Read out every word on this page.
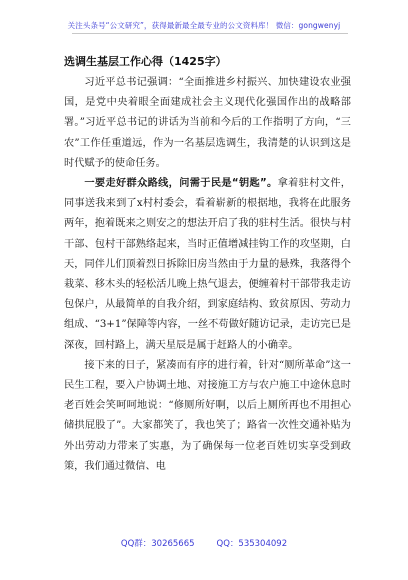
关注头条号“公文研究”，获得最新最全最专业的公文资料库！ 微信：gongwenyj
选调生基层工作心得（1425字）

习近平总书记强调：“全面推进乡村振兴、加快建设农业强国，是党中央着眼全面建成社会主义现代化强国作出的战略部署。”习近平总书记的讲话为当前和今后的工作指明了方向，“三农”工作任重道远，作为一名基层选调生，我清楚的认识到这是时代赋予的使命任务。

一要走好群众路线，问需于民是“钥匙”。拿着驻村文件，同事送我来到了x村村委会，看着崭新的根据地，我将在此服务两年，抱着既来之则安之的想法开启了我的驻村生活。很快与村干部、包村干部熟络起来，当时正值增减挂钩工作的攻坚期，白天，同伴儿们顶着烈日拆除旧房当然由于力量的悬殊，我落得个栽菜、移木头的轻松活儿晚上热气退去，便缠着村干部带我走访包保户，从最简单的自我介绍，到家庭结构、致贫原因、劳动力组成、“3+1”保障等内容，一丝不苟做好随访记录，走访完已是深夜，回村路上，满天星辰是属于赶路人的小确幸。

接下来的日子，紧凑而有序的进行着，针对“厕所革命”这一民生工程，要入户协调土地、对接施工方与农户施工中途休息时老百姓会笑呵呵地说：“修厕所好啊，以后上厕所再也不用担心储拱屁股了”。大家都笑了，我也笑了；路省一次性交通补贴为外出劳动力带来了实惠，为了确保每一位老百姓切实享受到政策，我们通过微信、电

QQ群：30265665	QQ：535304092
